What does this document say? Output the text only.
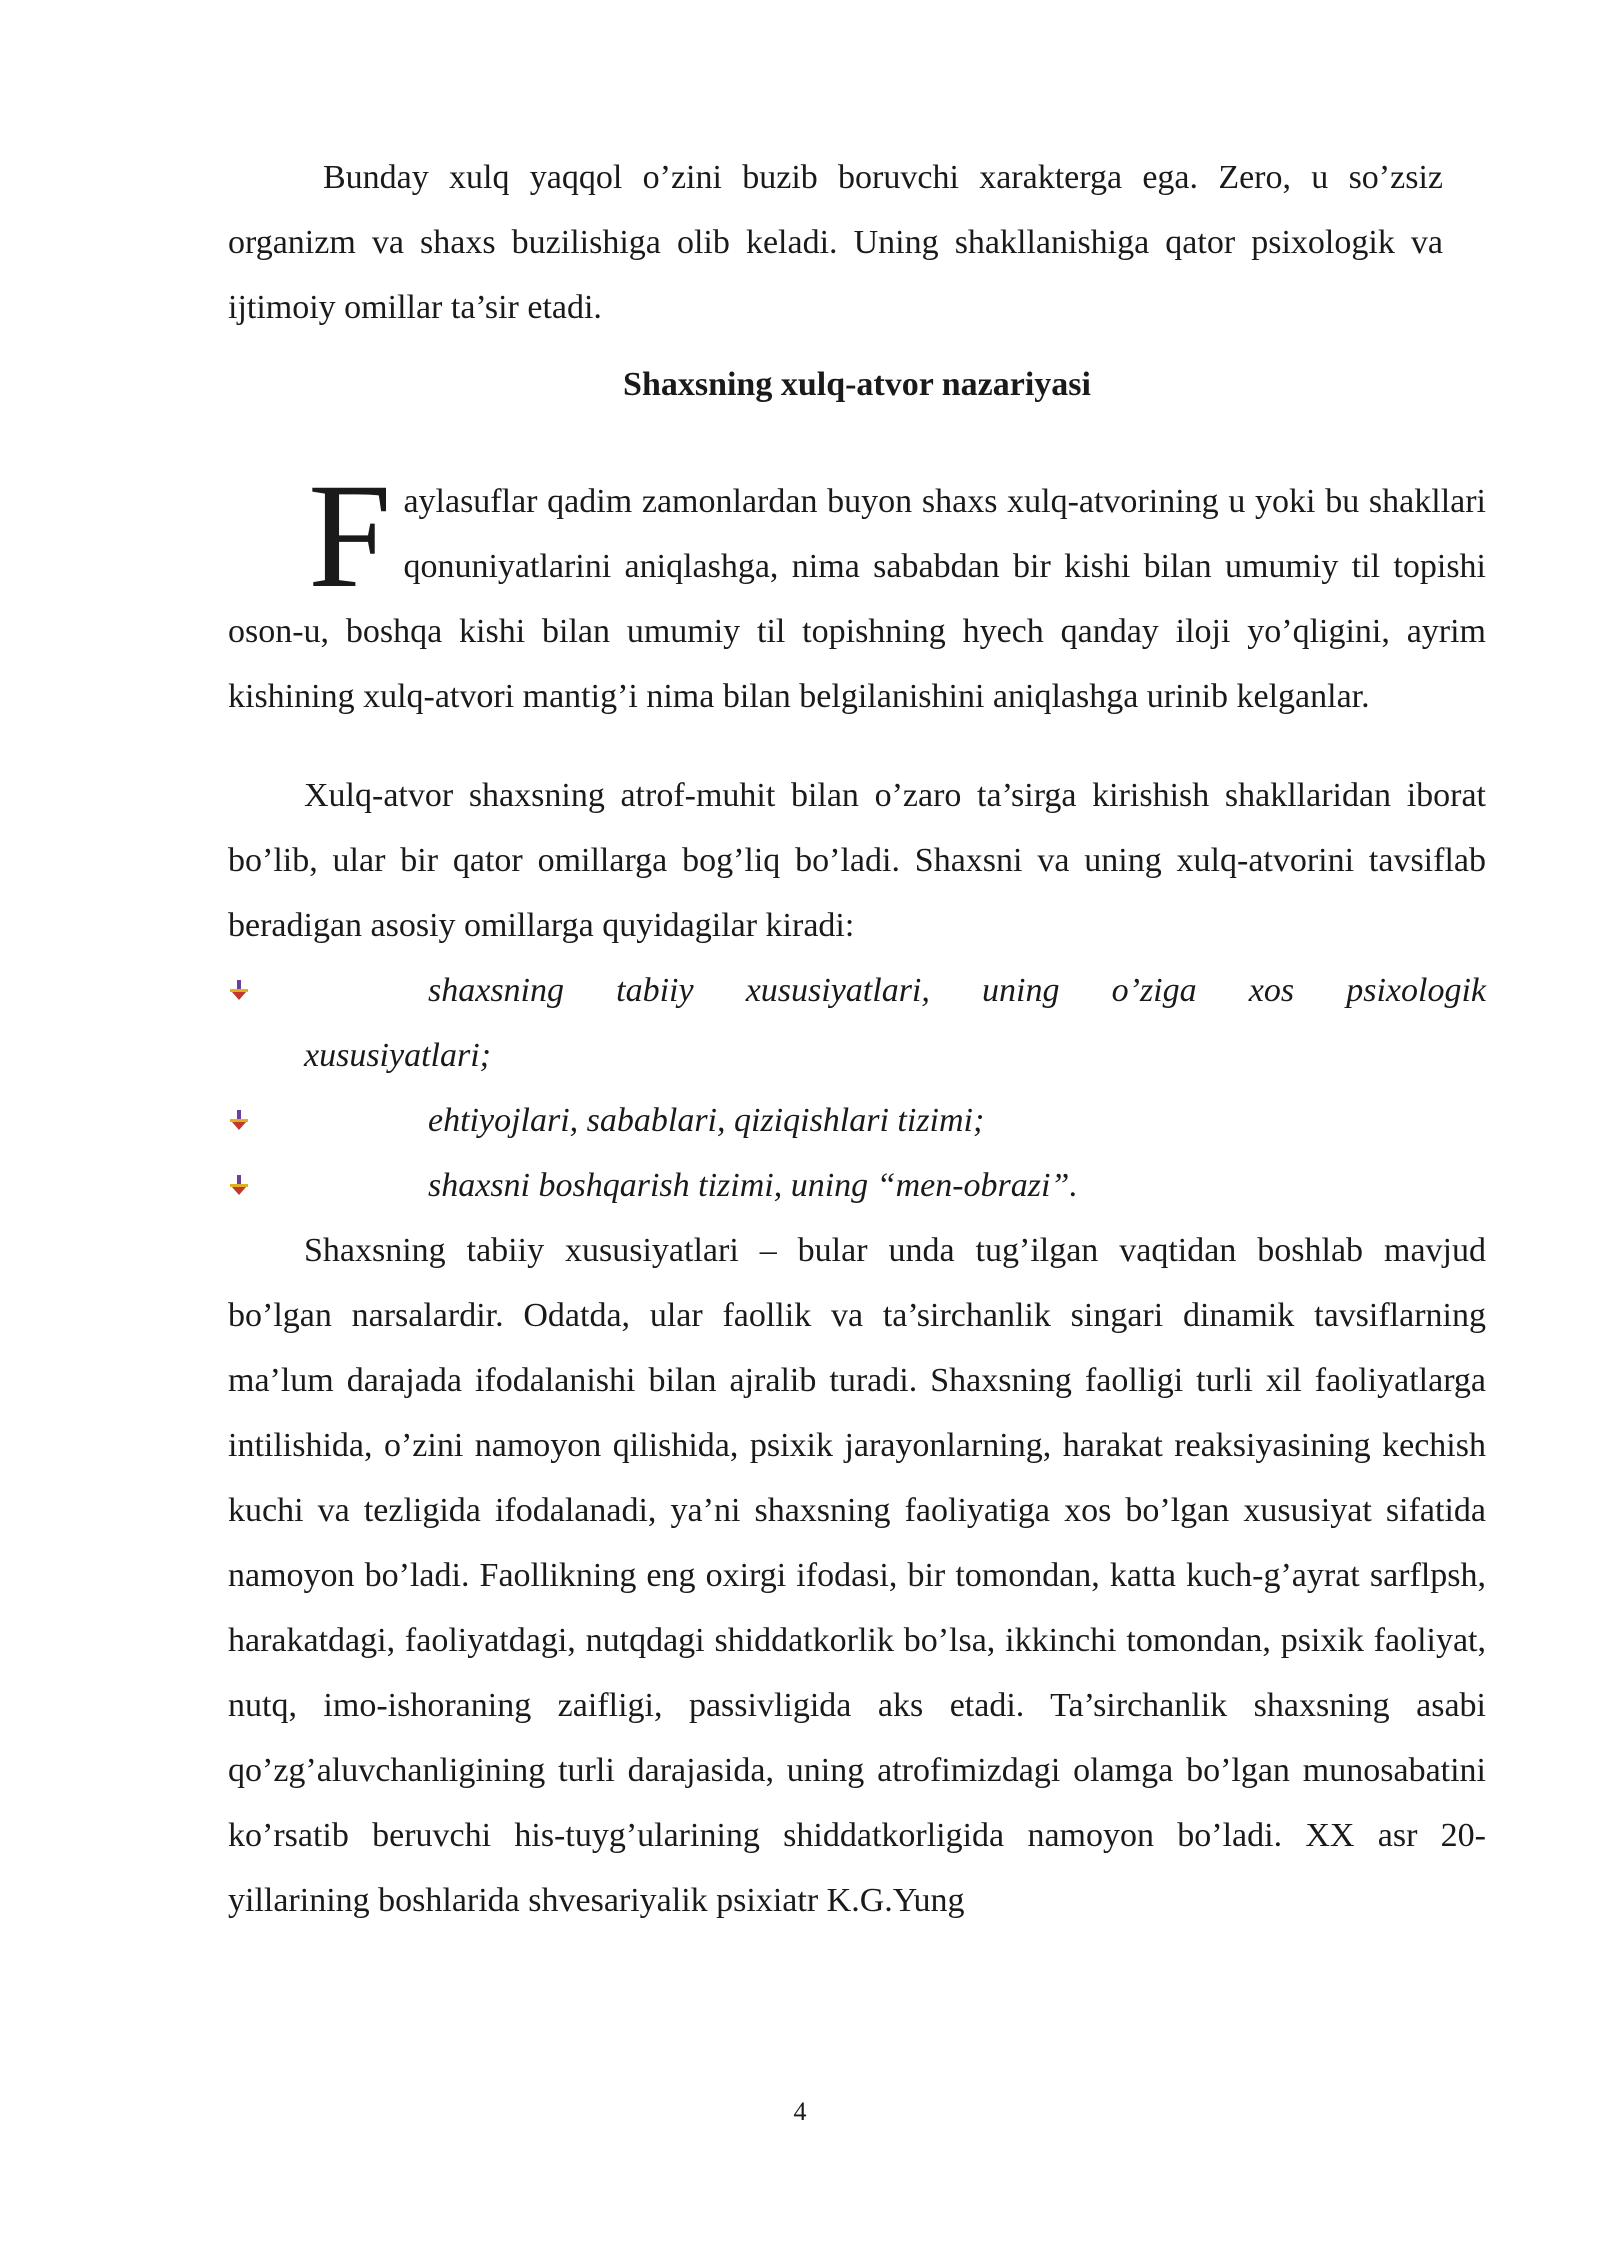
Bunday xulq yaqqol o’zini buzib boruvchi xarakterga ega. Zero, u so’zsiz organizm va shaxs buzilishiga olib keladi. Uning shakllanishiga qator psixologik va ijtimoiy omillar ta’sir etadi.

Shaxsning xulq-atvor nazariyasi

Faylasuflar qadim zamonlardan buyon shaxs xulq-atvorining u yoki bu shakllari qonuniyatlarini aniqlashga, nima sababdan bir kishi bilan umumiy til topishi oson-u, boshqa kishi bilan umumiy til topishning hyech qanday iloji yo’qligini, ayrim kishining xulq-atvori mantig’i nima bilan belgilanishini aniqlashga urinib kelganlar.

Xulq-atvor shaxsning atrof-muhit bilan o’zaro ta’sirga kirishish shakllaridan iborat bo’lib, ular bir qator omillarga bog’liq bo’ladi. Shaxsni va uning xulq-atvorini tavsiflab beradigan asosiy omillarga quyidagilar kiradi:

shaxsning tabiiy xususiyatlari, uning o’ziga xos psixologik
xususiyatlari;
ehtiyojlari, sabablari, qiziqishlari tizimi;
shaxsni boshqarish tizimi, uning “men-obrazi”.

Shaxsning tabiiy xususiyatlari – bular unda tug’ilgan vaqtidan boshlab mavjud bo’lgan narsalardir. Odatda, ular faollik va ta’sirchanlik singari dinamik tavsiflarning ma’lum darajada ifodalanishi bilan ajralib turadi. Shaxsning faolligi turli xil faoliyatlarga intilishida, o’zini namoyon qilishida, psixik jarayonlarning, harakat reaksiyasining kechish kuchi va tezligida ifodalanadi, ya’ni shaxsning faoliyatiga xos bo’lgan xususiyat sifatida namoyon bo’ladi. Faollikning eng oxirgi ifodasi, bir tomondan, katta kuch-g’ayrat sarflpsh, harakatdagi, faoliyatdagi, nutqdagi shiddatkorlik bo’lsa, ikkinchi tomondan, psixik faoliyat, nutq, imo-ishoraning zaifligi, passivligida aks etadi. Ta’sirchanlik shaxsning asabi qo’zg’aluvchanligining turli darajasida, uning atrofimizdagi olamga bo’lgan munosabatini ko’rsatib beruvchi his-tuyg’ularining shiddatkorligida namoyon bo’ladi. XX asr 20-yillarining boshlarida shvesariyalik psixiatr K.G.Yung

4
